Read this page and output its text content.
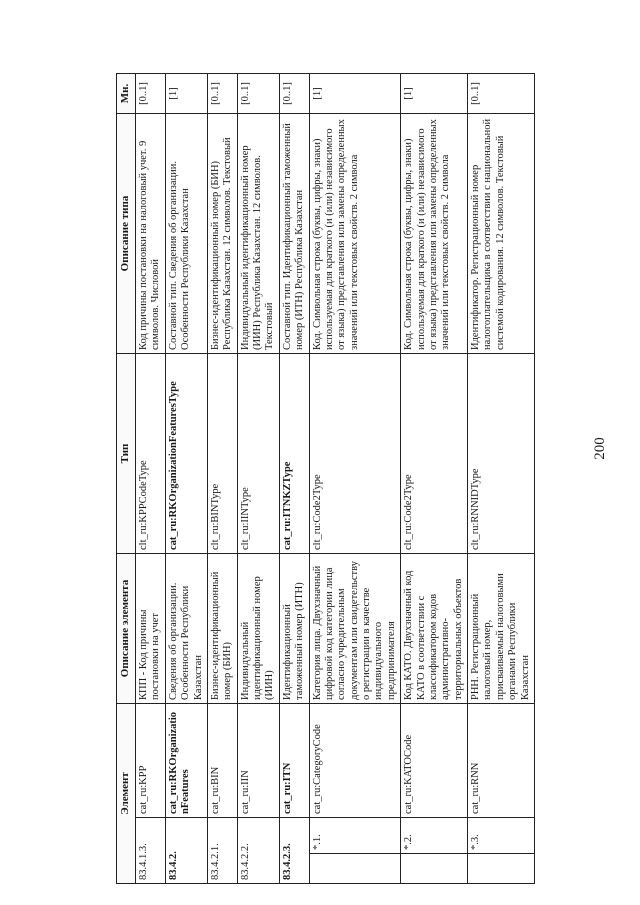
200
Элемент			Описание элемента	Тип	Описание типа	Мн.
83.4.1.3.		cat_ru:KPP	КПП - Код причины постановки на учет	clt_ru:KPPCodeType	Код причины постановки на налоговый учет. 9 символов. Числовой	[0..1]
83.4.2.		cat_ru:RKOrganizationFeatures	Сведения об организации. Особенности Республики Казахстан	cat_ru:RKOrganizationFeaturesType	Составной тип. Сведения об организации. Особенности Республики Казахстан	[1]
83.4.2.1.		cat_ru:BIN	Бизнес-идентификационный номер (БИН)	clt_ru:BINType	Бизнес-идентификационный номер (БИН) Республика Казахстан. 12 символов. Текстовый	[0..1]
83.4.2.2.		cat_ru:IIN	Индивидуальный идентификационный номер (ИИН)	clt_ru:IINType	Индивидуальный идентификационный номер (ИИН) Республика Казахстан. 12 символов. Текстовый	[0..1]
83.4.2.3.		cat_ru:ITN	Идентификационный таможенный номер (ИТН)	cat_ru:ITNKZType	Составной тип. Идентификационный таможенный номер (ИТН) Республика Казахстан	[0..1]
	*.1.	cat_ru:CategoryCode	Категория лица. Двухзначный цифровой код категории лица согласно учредительным документам или свидетельству о регистрации в качестве индивидуального предпринимателя	clt_ru:Code2Type	Код. Символьная строка (буквы, цифры, знаки) используемая для краткого (и (или) независимого от языка) представления или замены определенных значений или текстовых свойств. 2 символа	[1]
	*.2.	cat_ru:KATOCode	Код КАТО. Двухзначный код КАТО в соответствии с классификатором кодов административно-территориальных объектов	clt_ru:Code2Type	Код. Символьная строка (буквы, цифры, знаки) используемая для краткого (и (или) независимого от языка) представления или замены определенных значений или текстовых свойств. 2 символа	[1]
	*.3.	cat_ru:RNN	РНН. Регистрационный налоговый номер, присваиваемый налоговыми органами Республики Казахстан	clt_ru:RNNIDType	Идентификатор. Регистрационный номер налогоплательщика в соответствии с национальной системой кодирования. 12 символов. Текстовый	[0..1]
